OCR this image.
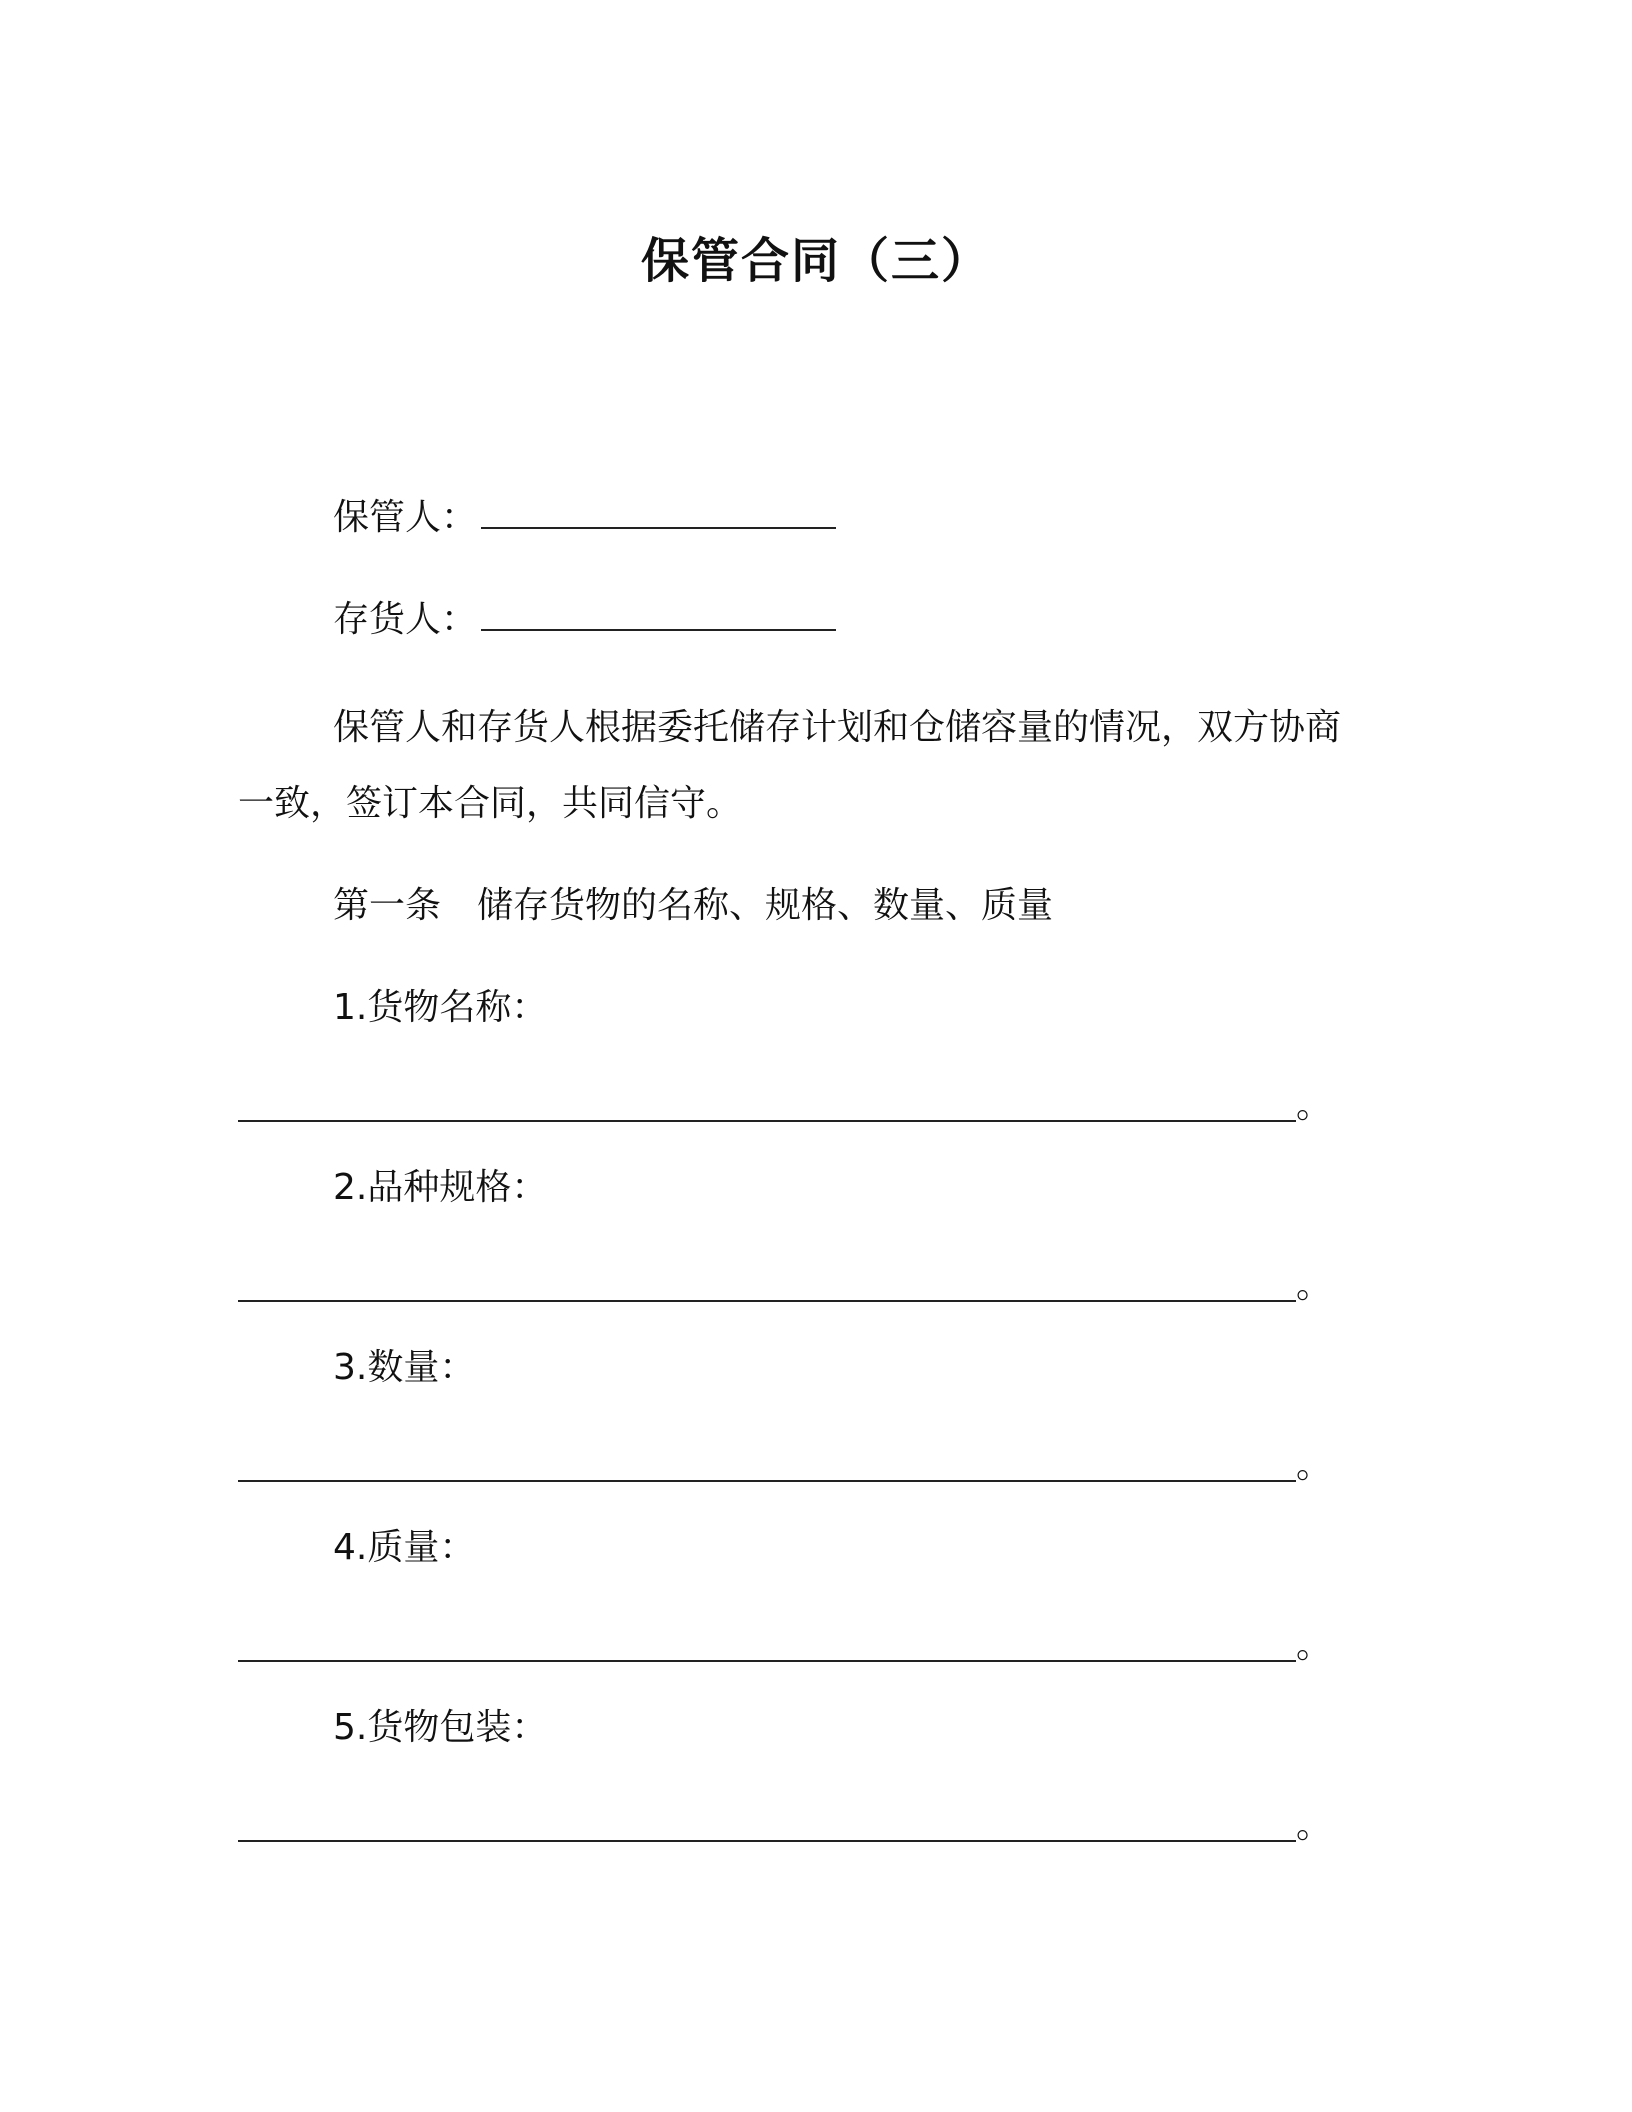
保管合同（三）
保管人：
存货人：
保管人和存货人根据委托储存计划和仓储容量的情况，双方协商
一致，签订本合同，共同信守。
第一条　储存货物的名称、规格、数量、质量
1.货物名称：
。
2.品种规格：
。
3.数量：
。
4.质量：
。
5.货物包装：
。
